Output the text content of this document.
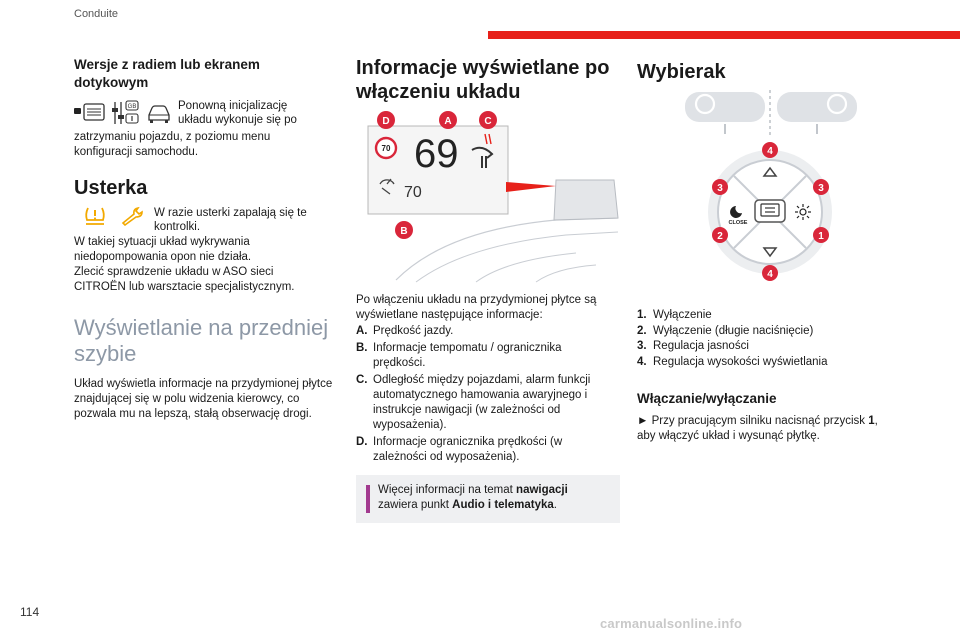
Conduite
Wersje z radiem lub ekranem dotykowym
GB	Ponowną inicjalizację układu wykonuje się po

zatrzymaniu pojazdu, z poziomu menu konfiguracji samochodu.

Usterka
W razie usterki zapalają się te kontrolki.

W takiej sytuacji układ wykrywania niedopompowania opon nie działa.

Zlecić sprawdzenie układu w ASO sieci CITROËN lub warsztacie specjalistycznym.

Wyświetlanie na przedniej szybie

Układ wyświetla informacje na przydymionej płytce znajdującej się w polu widzenia kierowcy, co pozwala mu na lepszą, stałą obserwację drogi.

Informacje wyświetlane po włączeniu układu
70 69
70
A	C
D
B

Po włączeniu układu na przydymionej płytce są wyświetlane następujące informacje:

A. Prędkość jazdy.
B. Informacje tempomatu / ogranicznika prędkości.
C. Odległość między pojazdami, alarm funkcji automatycznego hamowania awaryjnego i instrukcje nawigacji (w zależności od wyposażenia).
D. Informacje ogranicznika prędkości (w zależności od wyposażenia).
Więcej informacji na temat nawigacji zawiera punkt Audio i telematyka.
Wybierak
CLOSE
4
3	3
2	1
4
1. Wyłączenie
2. Wyłączenie (długie naciśnięcie)
3. Regulacja jasności
4. Regulacja wysokości wyświetlania
Włączanie/wyłączanie

► Przy pracującym silniku nacisnąć przycisk 1, aby włączyć układ i wysunąć płytkę.

114
carmanualsonline.info
